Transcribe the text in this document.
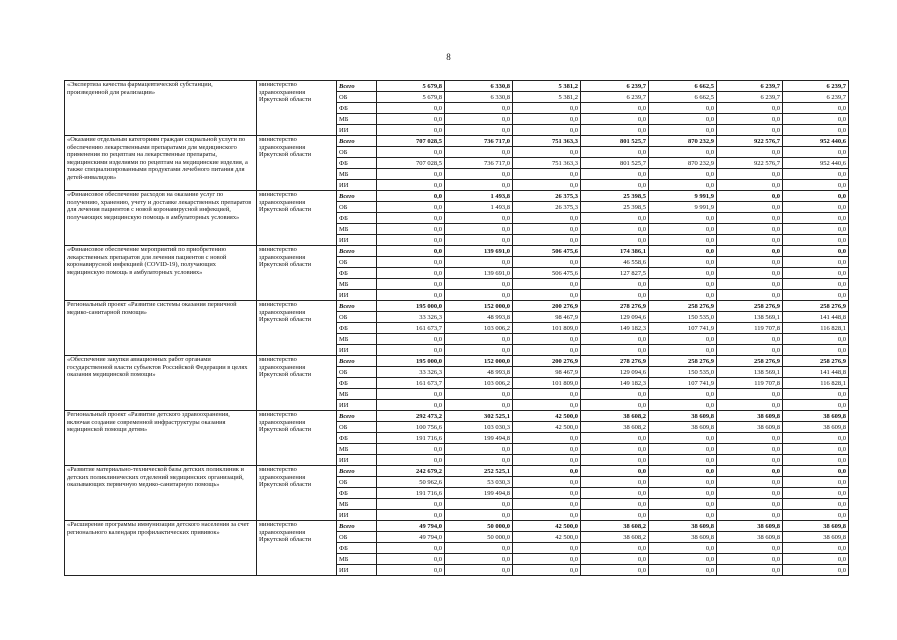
8
«Экспертиза качества фармацевтической субстанции, произведенной для реализации»	министерство здравоохранения Иркутской области	Всего	5 679,8	6 330,8	5 381,2	6 239,7	6 662,5	6 239,7	6 239,7
		ОБ	5 679,8	6 330,8	5 381,2	6 239,7	6 662,5	6 239,7	6 239,7
		ФБ	0,0	0,0	0,0	0,0	0,0	0,0	0,0
		МБ	0,0	0,0	0,0	0,0	0,0	0,0	0,0
		ИИ	0,0	0,0	0,0	0,0	0,0	0,0	0,0
«Оказание отдельным категориям граждан социальной услуги по обеспечению лекарственными препаратами для медицинского применения по рецептам на лекарственные препараты, медицинскими изделиями по рецептам на медицинские изделия, а также специализированными продуктами лечебного питания для детей-инвалидов»	министерство здравоохранения Иркутской области	Всего	707 028,5	736 717,0	751 363,3	801 525,7	870 232,9	922 576,7	952 440,6
		ОБ	0,0	0,0	0,0	0,0	0,0	0,0	0,0
		ФБ	707 028,5	736 717,0	751 363,3	801 525,7	870 232,9	922 576,7	952 440,6
		МБ	0,0	0,0	0,0	0,0	0,0	0,0	0,0
		ИИ	0,0	0,0	0,0	0,0	0,0	0,0	0,0
«Финансовое обеспечение расходов на оказание услуг по получению, хранению, учету и доставке лекарственных препаратов для лечения пациентов с новой коронавирусной инфекцией, получающих медицинскую помощь в амбулаторных условиях»	министерство здравоохранения Иркутской области	Всего	0,0	1 493,8	26 375,3	25 398,5	9 991,9	0,0	0,0
		ОБ	0,0	1 493,8	26 375,3	25 398,5	9 991,9	0,0	0,0
		ФБ	0,0	0,0	0,0	0,0	0,0	0,0	0,0
		МБ	0,0	0,0	0,0	0,0	0,0	0,0	0,0
		ИИ	0,0	0,0	0,0	0,0	0,0	0,0	0,0
«Финансовое обеспечение мероприятий по приобретению лекарственных препаратов для лечения пациентов с новой коронавирусной инфекцией (COVID-19), получающих медицинскую помощь в амбулаторных условиях»	министерство здравоохранения Иркутской области	Всего	0,0	139 691,0	506 475,6	174 386,1	0,0	0,0	0,0
		ОБ	0,0	0,0	0,0	46 558,6	0,0	0,0	0,0
		ФБ	0,0	139 691,0	506 475,6	127 827,5	0,0	0,0	0,0
		МБ	0,0	0,0	0,0	0,0	0,0	0,0	0,0
		ИИ	0,0	0,0	0,0	0,0	0,0	0,0	0,0
Региональный проект «Развитие системы оказания первичной медико-санитарной помощи»	министерство здравоохранения Иркутской области	Всего	195 000,0	152 000,0	200 276,9	278 276,9	258 276,9	258 276,9	258 276,9
		ОБ	33 326,3	48 993,8	98 467,9	129 094,6	150 535,0	138 569,1	141 448,8
		ФБ	161 673,7	103 006,2	101 809,0	149 182,3	107 741,9	119 707,8	116 828,1
		МБ	0,0	0,0	0,0	0,0	0,0	0,0	0,0
		ИИ	0,0	0,0	0,0	0,0	0,0	0,0	0,0
«Обеспечение закупки авиационных работ органами государственной власти субъектов Российской Федерации в целях оказания медицинской помощи»	министерство здравоохранения Иркутской области	Всего	195 000,0	152 000,0	200 276,9	278 276,9	258 276,9	258 276,9	258 276,9
		ОБ	33 326,3	48 993,8	98 467,9	129 094,6	150 535,0	138 569,1	141 448,8
		ФБ	161 673,7	103 006,2	101 809,0	149 182,3	107 741,9	119 707,8	116 828,1
		МБ	0,0	0,0	0,0	0,0	0,0	0,0	0,0
		ИИ	0,0	0,0	0,0	0,0	0,0	0,0	0,0
Региональный проект «Развитие детского здравоохранения, включая создание современной инфраструктуры оказания медицинской помощи детям»	министерство здравоохранения Иркутской области	Всего	292 473,2	302 525,1	42 500,0	38 608,2	38 609,8	38 609,8	38 609,8
		ОБ	100 756,6	103 030,3	42 500,0	38 608,2	38 609,8	38 609,8	38 609,8
		ФБ	191 716,6	199 494,8	0,0	0,0	0,0	0,0	0,0
		МБ	0,0	0,0	0,0	0,0	0,0	0,0	0,0
		ИИ	0,0	0,0	0,0	0,0	0,0	0,0	0,0
«Развитие материально-технической базы детских поликлиник и детских поликлинических отделений медицинских организаций, оказывающих первичную медико-санитарную помощь»	министерство здравоохранения Иркутской области	Всего	242 679,2	252 525,1	0,0	0,0	0,0	0,0	0,0
		ОБ	50 962,6	53 030,3	0,0	0,0	0,0	0,0	0,0
		ФБ	191 716,6	199 494,8	0,0	0,0	0,0	0,0	0,0
		МБ	0,0	0,0	0,0	0,0	0,0	0,0	0,0
		ИИ	0,0	0,0	0,0	0,0	0,0	0,0	0,0
«Расширение программы иммунизации детского населения за счет регионального календаря профилактических прививок»	министерство здравоохранения Иркутской области	Всего	49 794,0	50 000,0	42 500,0	38 608,2	38 609,8	38 609,8	38 609,8
		ОБ	49 794,0	50 000,0	42 500,0	38 608,2	38 609,8	38 609,8	38 609,8
		ФБ	0,0	0,0	0,0	0,0	0,0	0,0	0,0
		МБ	0,0	0,0	0,0	0,0	0,0	0,0	0,0
		ИИ	0,0	0,0	0,0	0,0	0,0	0,0	0,0
